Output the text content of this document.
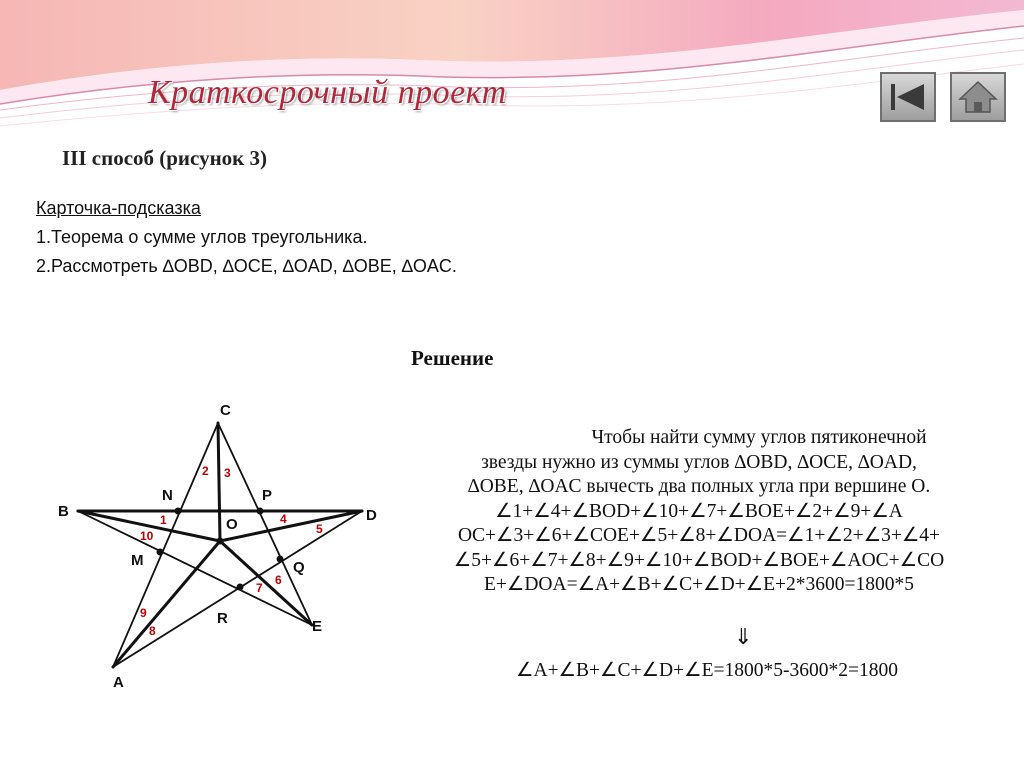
Краткосрочный проект
III способ (рисунок 3)
Карточка-подсказка
1.Теорема о сумме углов треугольника.
2.Рассмотреть ∆OBD, ∆OCE, ∆OAD, ∆OBE, ∆OAC.
Решение

Чтобы найти сумму углов пятиконечной

звезды нужно из суммы углов ∆OBD, ∆OCE, ∆OAD,

∆OBE, ∆OAC вычесть два полных угла при вершине О.

∠1+∠4+∠BOD+∠10+∠7+∠BOE+∠2+∠9+∠A

OC+∠3+∠6+∠COE+∠5+∠8+∠DOA=∠1+∠2+∠3+∠4+

∠5+∠6+∠7+∠8+∠9+∠10+∠BOD+∠BOE+∠AOC+∠CO

E+∠DOA=∠A+∠B+∠C+∠D+∠E+2*3600=1800*5

⇓
∠A+∠B+∠C+∠D+∠E=1800*5-3600*2=1800
C
B	D
N	P
O
M	Q
R	E
A
1
2 3
4
5
6
7
8
9
10
